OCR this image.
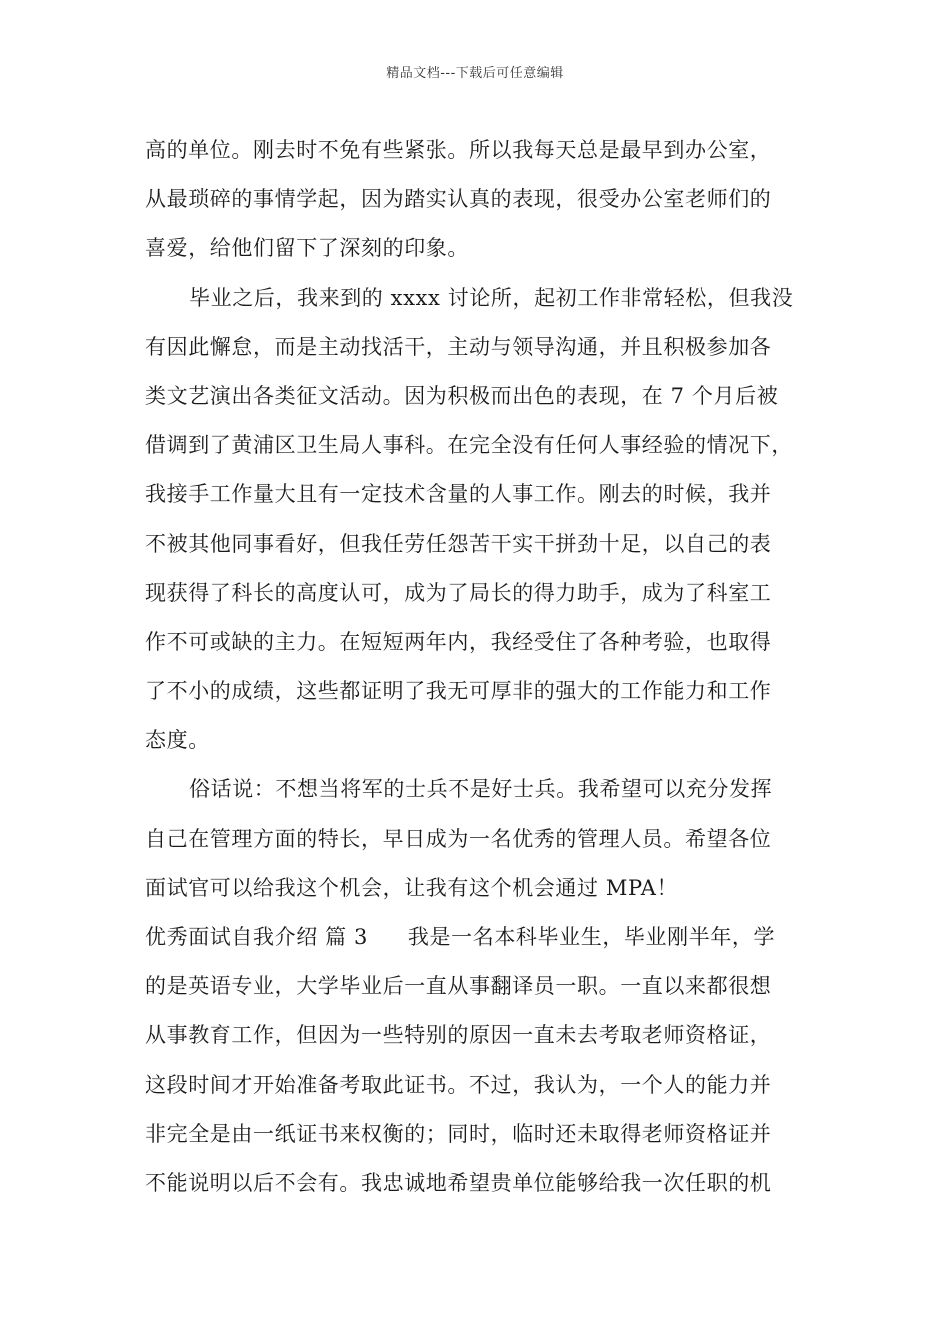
精品文档---下载后可任意编辑
高的单位。刚去时不免有些紧张。所以我每天总是最早到办公室，
从最琐碎的事情学起，因为踏实认真的表现，很受办公室老师们的
喜爱，给他们留下了深刻的印象。
毕业之后，我来到的 xxxx 讨论所，起初工作非常轻松，但我没
有因此懈怠，而是主动找活干，主动与领导沟通，并且积极参加各
类文艺演出各类征文活动。因为积极而出色的表现，在 7 个月后被
借调到了黄浦区卫生局人事科。在完全没有任何人事经验的情况下，
我接手工作量大且有一定技术含量的人事工作。刚去的时候，我并
不被其他同事看好，但我任劳任怨苦干实干拼劲十足，以自己的表
现获得了科长的高度认可，成为了局长的得力助手，成为了科室工
作不可或缺的主力。在短短两年内，我经受住了各种考验，也取得
了不小的成绩，这些都证明了我无可厚非的强大的工作能力和工作
态度。
俗话说：不想当将军的士兵不是好士兵。我希望可以充分发挥
自己在管理方面的特长，早日成为一名优秀的管理人员。希望各位
面试官可以给我这个机会，让我有这个机会通过 MPA！
优秀面试自我介绍 篇 3 我是一名本科毕业生，毕业刚半年，学
的是英语专业，大学毕业后一直从事翻译员一职。一直以来都很想
从事教育工作，但因为一些特别的原因一直未去考取老师资格证，
这段时间才开始准备考取此证书。不过，我认为，一个人的能力并
非完全是由一纸证书来权衡的；同时，临时还未取得老师资格证并
不能说明以后不会有。我忠诚地希望贵单位能够给我一次任职的机
